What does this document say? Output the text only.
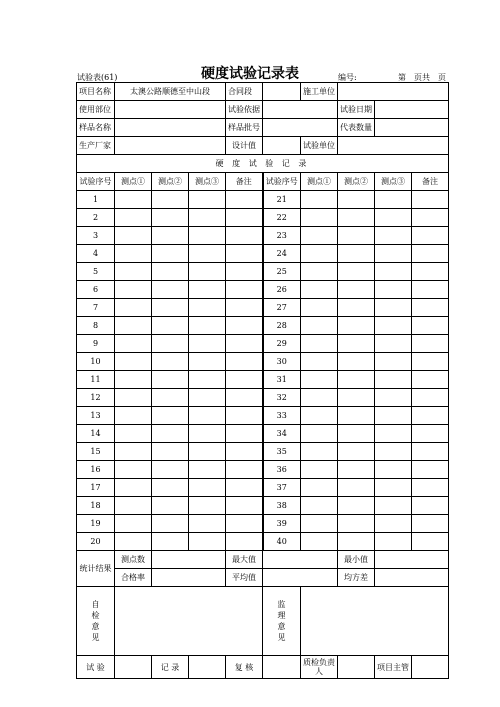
硬度试验记录表
试验表(61)	编号:	第　页共　页
项目名称	太澳公路顺德至中山段			合同段		施工单位			
使用部位				试验依据			试验日期		
样品名称				样品批号			代表数量		
生产厂家				设计值		试验单位			
硬 度 试 验 记 录									
试验序号	测点①	测点②	测点③	备注	试验序号	测点①	测点②	测点③	备注
1					21				
2					22				
3					23				
4					24				
5					25				
6					26				
7					27				
8					28				
9					29				
10					30				
11					31				
12					32				
13					33				
14					34				
15					35				
16					36				
17					37				
18					38				
19					39				
20					40				
统计结果	测点数			最大值			最小值		
	合格率			平均值			均方差		
自检意见					监理意见				
试 验		记 录		复 核		质检负责人		项目主管	
